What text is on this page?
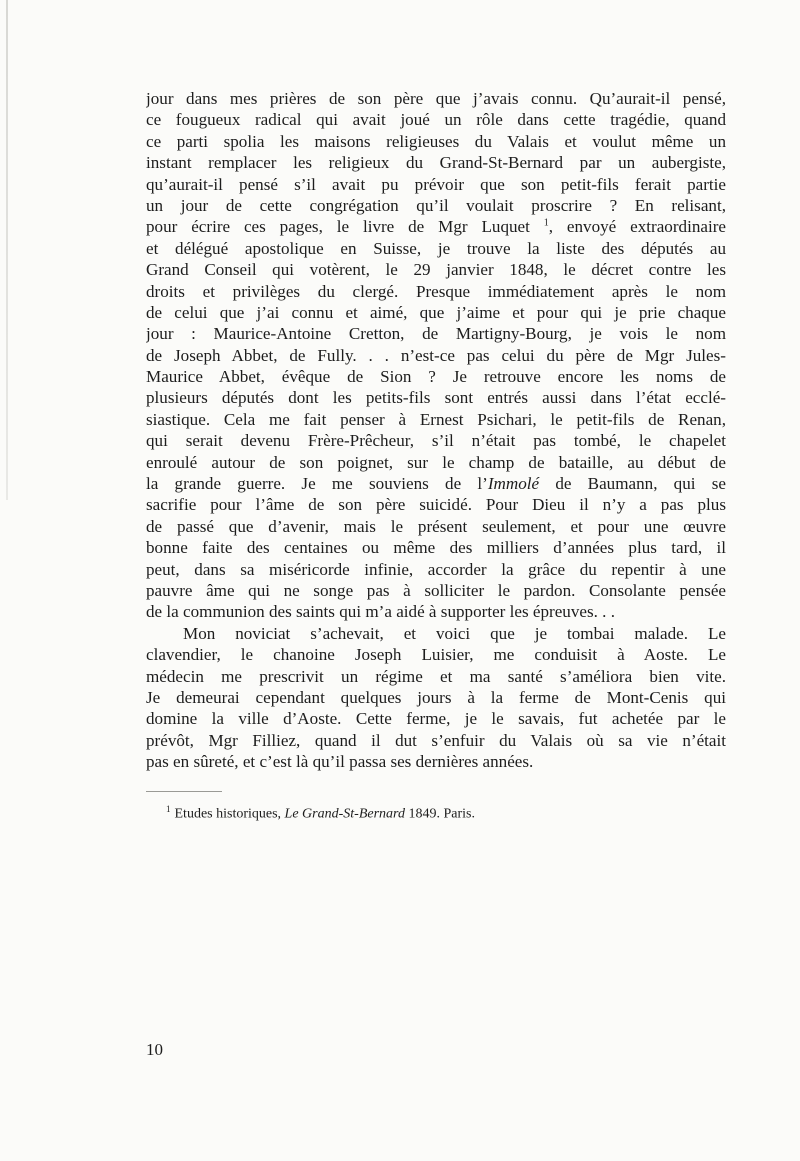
jour dans mes prières de son père que j’avais connu. Qu’aurait-il pensé,
ce fougueux radical qui avait joué un rôle dans cette tragédie, quand
ce parti spolia les maisons religieuses du Valais et voulut même un
instant remplacer les religieux du Grand-St-Bernard par un aubergiste,
qu’aurait-il pensé s’il avait pu prévoir que son petit-fils ferait partie
un jour de cette congrégation qu’il voulait proscrire ? En relisant,
pour écrire ces pages, le livre de Mgr Luquet $^1$, envoyé extraordinaire
et délégué apostolique en Suisse, je trouve la liste des députés au
Grand Conseil qui votèrent, le 29 janvier 1848, le décret contre les
droits et privilèges du clergé. Presque immédiatement après le nom
de celui que j’ai connu et aimé, que j’aime et pour qui je prie chaque
jour : Maurice-Antoine Cretton, de Martigny-Bourg, je vois le nom
de Joseph Abbet, de Fully. . . n’est-ce pas celui du père de Mgr Jules-
Maurice Abbet, évêque de Sion ? Je retrouve encore les noms de
plusieurs députés dont les petits-fils sont entrés aussi dans l’état ecclé-
siastique. Cela me fait penser à Ernest Psichari, le petit-fils de Renan,
qui serait devenu Frère-Prêcheur, s’il n’était pas tombé, le chapelet
enroulé autour de son poignet, sur le champ de bataille, au début de
la grande guerre. Je me souviens de l’Immolé de Baumann, qui se
sacrifie pour l’âme de son père suicidé. Pour Dieu il n’y a pas plus
de passé que d’avenir, mais le présent seulement, et pour une œuvre
bonne faite des centaines ou même des milliers d’années plus tard, il
peut, dans sa miséricorde infinie, accorder la grâce du repentir à une
pauvre âme qui ne songe pas à solliciter le pardon. Consolante pensée
de la communion des saints qui m’a aidé à supporter les épreuves. . .
Mon noviciat s’achevait, et voici que je tombai malade. Le
clavendier, le chanoine Joseph Luisier, me conduisit à Aoste. Le
médecin me prescrivit un régime et ma santé s’améliora bien vite.
Je demeurai cependant quelques jours à la ferme de Mont-Cenis qui
domine la ville d’Aoste. Cette ferme, je le savais, fut achetée par le
prévôt, Mgr Filliez, quand il dut s’enfuir du Valais où sa vie n’était
pas en sûreté, et c’est là qu’il passa ses dernières années.
$^1$ Etudes historiques, Le Grand-St-Bernard 1849. Paris.
10
